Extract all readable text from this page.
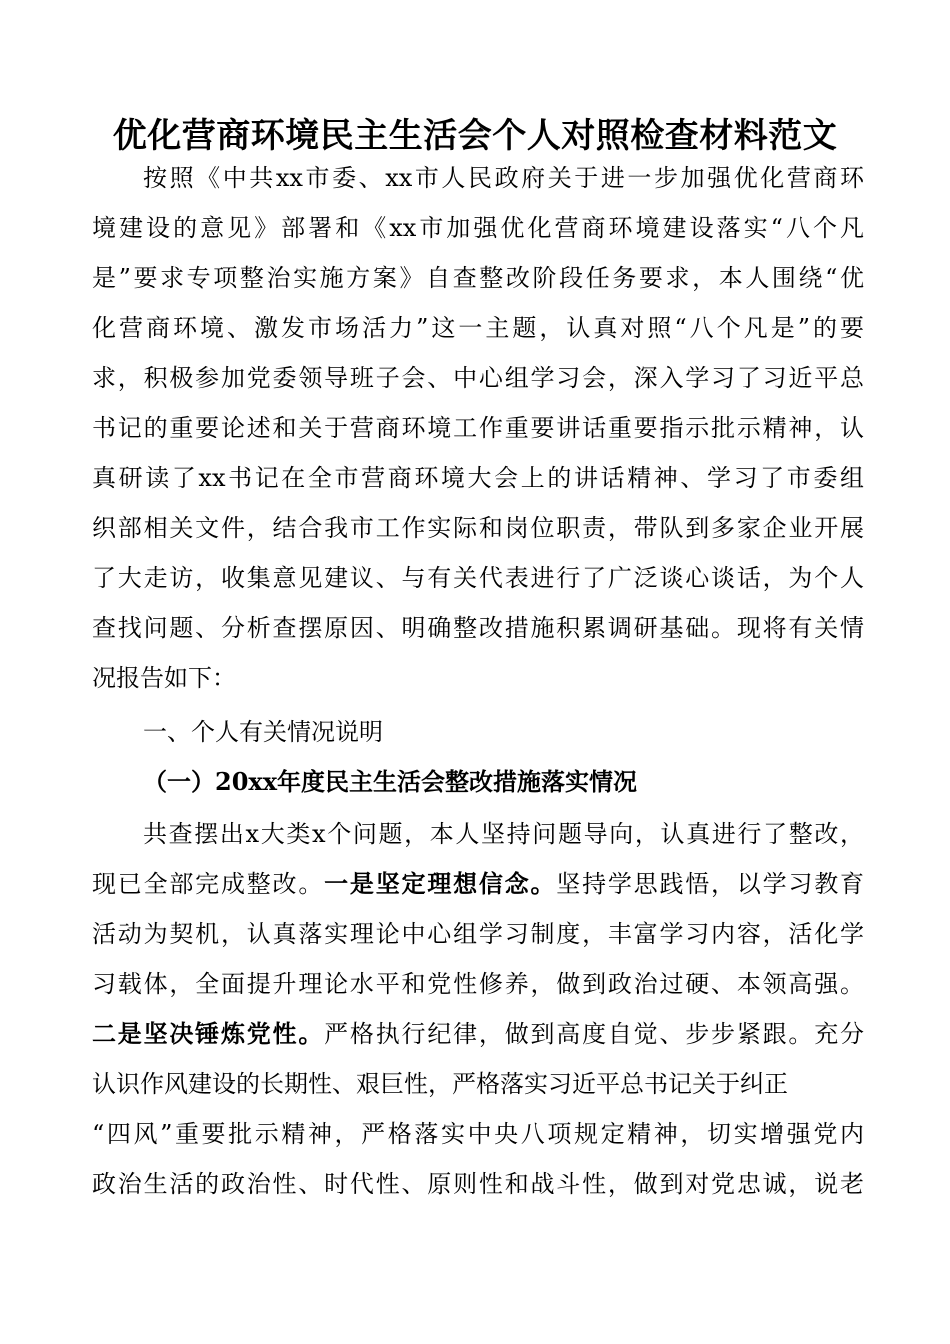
优化营商环境民主生活会个人对照检查材料范文
按照《中共xx市委、xx市人民政府关于进一步加强优化营商环
境建设的意见》部署和《xx市加强优化营商环境建设落实“八个凡
是”要求专项整治实施方案》自查整改阶段任务要求，本人围绕“优
化营商环境、激发市场活力”这一主题，认真对照“八个凡是”的要
求，积极参加党委领导班子会、中心组学习会，深入学习了习近平总
书记的重要论述和关于营商环境工作重要讲话重要指示批示精神，认
真研读了xx书记在全市营商环境大会上的讲话精神、学习了市委组
织部相关文件，结合我市工作实际和岗位职责，带队到多家企业开展
了大走访，收集意见建议、与有关代表进行了广泛谈心谈话，为个人
查找问题、分析查摆原因、明确整改措施积累调研基础。现将有关情
况报告如下：
一、个人有关情况说明
（一）20xx年度民主生活会整改措施落实情况
共查摆出x大类x个问题，本人坚持问题导向，认真进行了整改，
现已全部完成整改。一是坚定理想信念。坚持学思践悟，以学习教育
活动为契机，认真落实理论中心组学习制度，丰富学习内容，活化学
习载体，全面提升理论水平和党性修养，做到政治过硬、本领高强。
二是坚决锤炼党性。严格执行纪律，做到高度自觉、步步紧跟。充分
认识作风建设的长期性、艰巨性，严格落实习近平总书记关于纠正
“四风”重要批示精神，严格落实中央八项规定精神，切实增强党内
政治生活的政治性、时代性、原则性和战斗性，做到对党忠诚，说老
